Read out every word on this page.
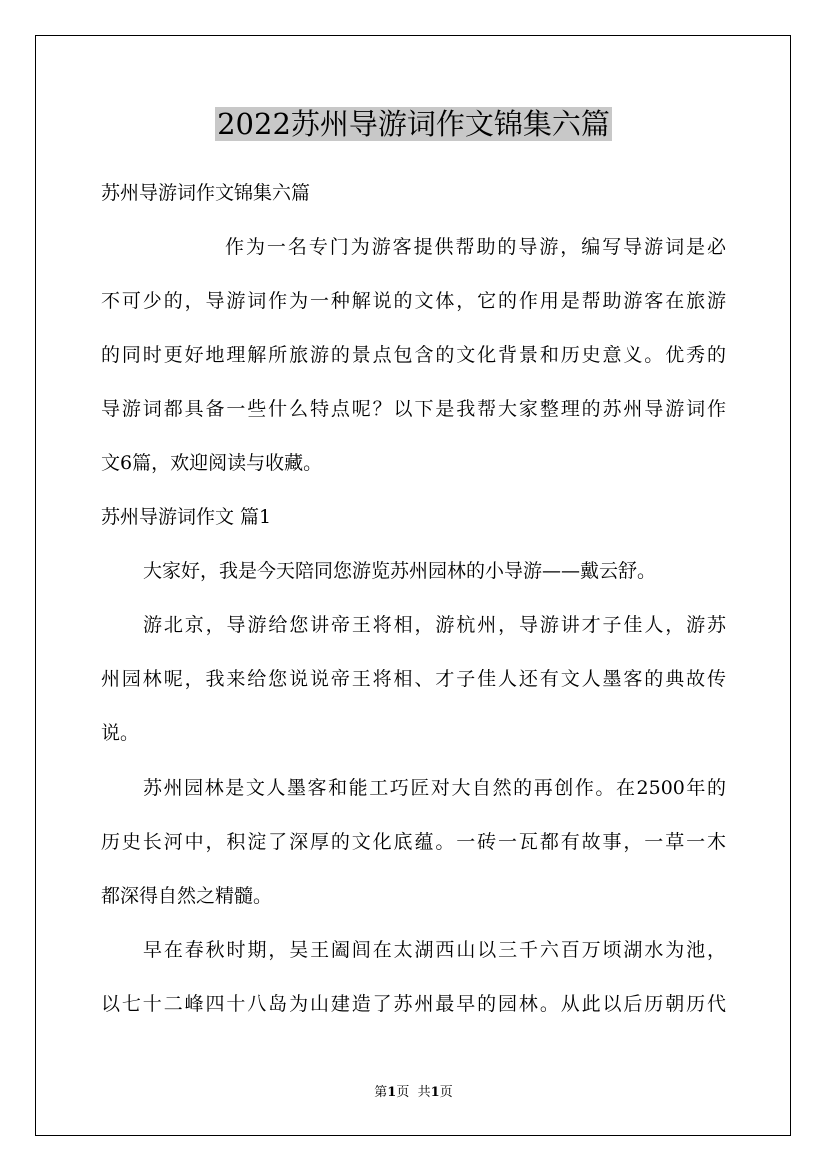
2022苏州导游词作文锦集六篇
苏州导游词作文锦集六篇
作为一名专门为游客提供帮助的导游，编写导游词是必
不可少的，导游词作为一种解说的文体，它的作用是帮助游客在旅游
的同时更好地理解所旅游的景点包含的文化背景和历史意义。优秀的
导游词都具备一些什么特点呢？以下是我帮大家整理的苏州导游词作
文6篇，欢迎阅读与收藏。
苏州导游词作文 篇1
大家好，我是今天陪同您游览苏州园林的小导游——戴云舒。
游北京，导游给您讲帝王将相，游杭州，导游讲才子佳人，游苏
州园林呢，我来给您说说帝王将相、才子佳人还有文人墨客的典故传
说。
苏州园林是文人墨客和能工巧匠对大自然的再创作。在2500年的
历史长河中，积淀了深厚的文化底蕴。一砖一瓦都有故事，一草一木
都深得自然之精髓。
早在春秋时期，吴王阖闾在太湖西山以三千六百万顷湖水为池，
以七十二峰四十八岛为山建造了苏州最早的园林。从此以后历朝历代
第1页 共1页
